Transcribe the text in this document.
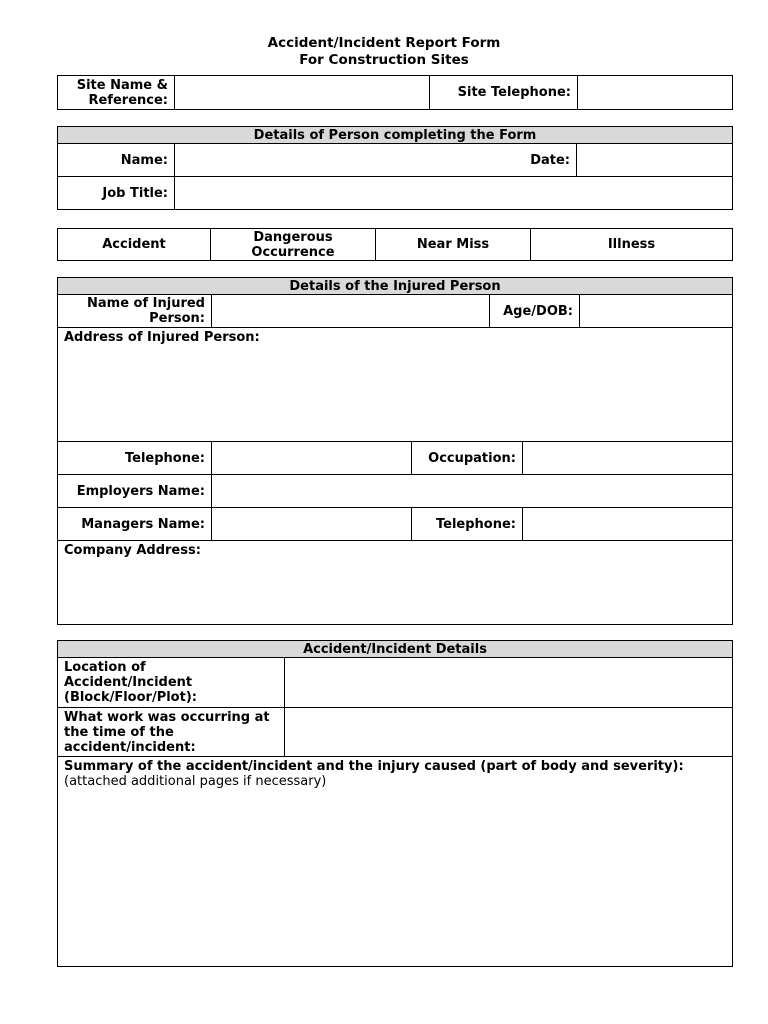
Accident/Incident Report Form
For Construction Sites
Site Name & Reference:		Site Telephone:	
Details of Person completing the Form		
Name:	Date:	
Job Title:		
Accident	Dangerous Occurrence	Near Miss	Illness
Details of the Injured Person					
Name of Injured Person:			Age/DOB:		
Address of Injured Person:					
Telephone:		Occupation:			
Employers Name:					
Managers Name:		Telephone:			
Company Address:					
Accident/Incident Details	
Location of Accident/Incident (Block/Floor/Plot):	
What work was occurring at the time of the accident/incident:	

Summary of the accident/incident and the injury caused (part of body and severity):
(attached additional pages if necessary)	
